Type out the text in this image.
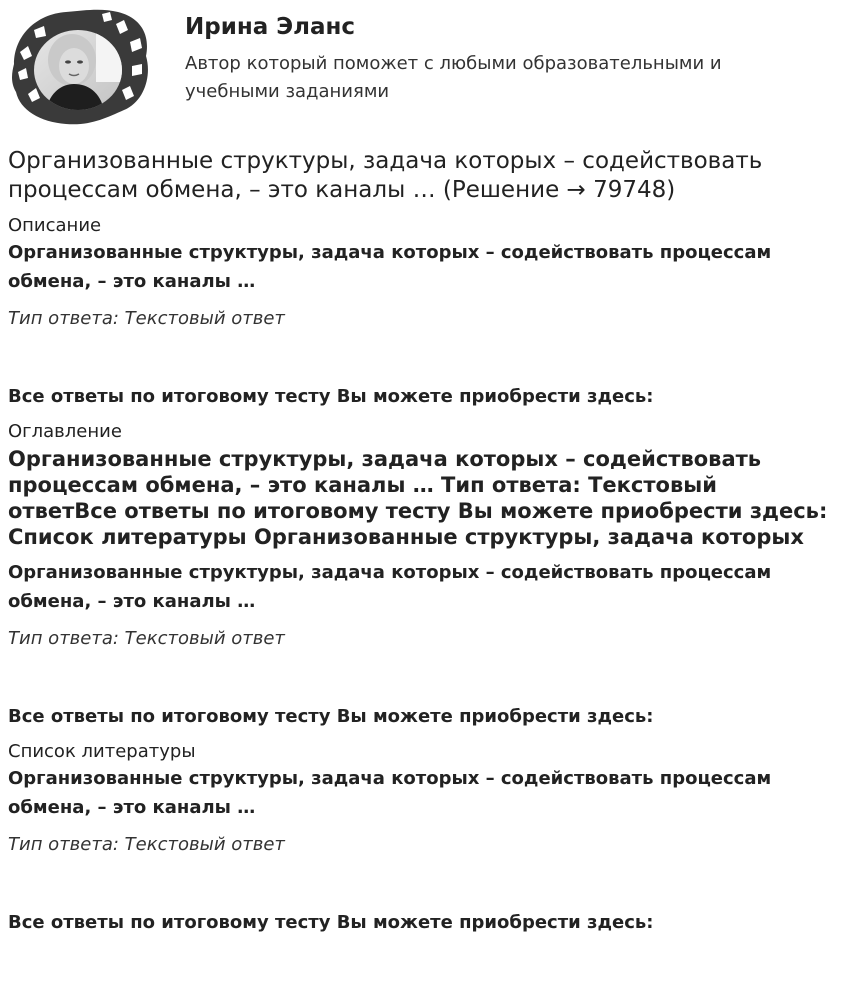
Ирина Эланс

Автор который поможет с любыми образовательными и учебными заданиями

Организованные структуры, задача которых – содействовать процессам обмена, – это каналы … (Решение → 79748)

Описание

Организованные структуры, задача которых – содействовать процессам обмена, – это каналы …

Тип ответа: Текстовый ответ

Все ответы по итоговому тесту Вы можете приобрести здесь:

Оглавление

Организованные структуры, задача которых – содействовать процессам обмена, – это каналы … Тип ответа: Текстовый ответВсе ответы по итоговому тесту Вы можете приобрести здесь: Список литературы Организованные структуры, задача которых

Организованные структуры, задача которых – содействовать процессам обмена, – это каналы …

Тип ответа: Текстовый ответ

Все ответы по итоговому тесту Вы можете приобрести здесь:

Список литературы

Организованные структуры, задача которых – содействовать процессам обмена, – это каналы …

Тип ответа: Текстовый ответ

Все ответы по итоговому тесту Вы можете приобрести здесь:
